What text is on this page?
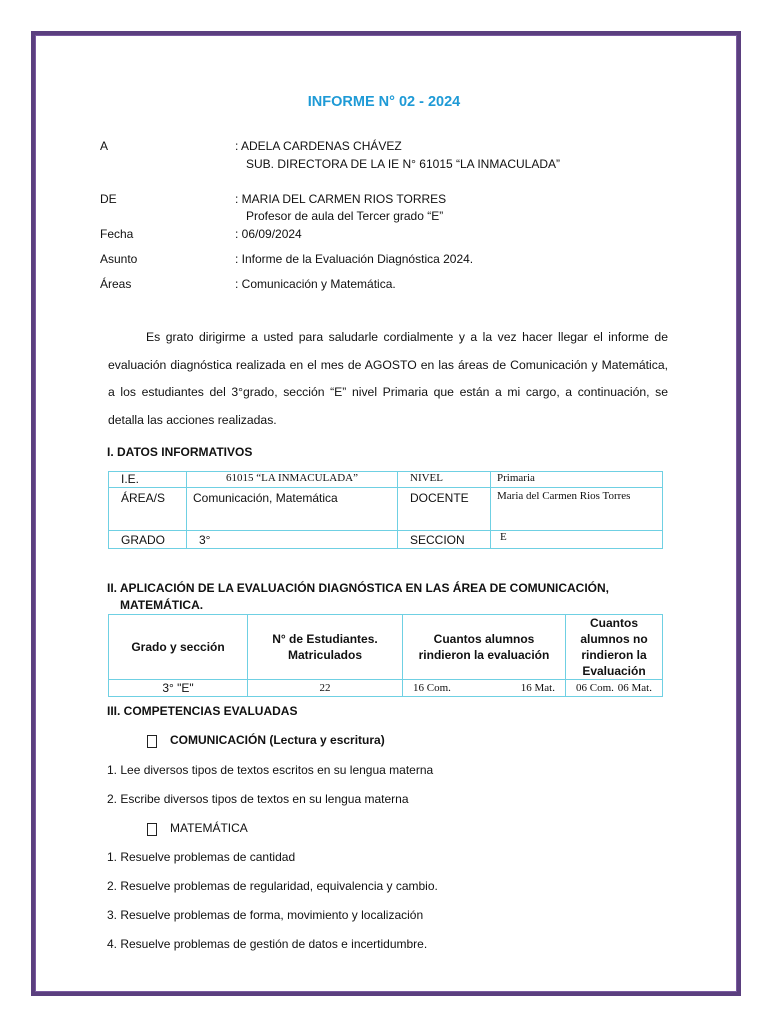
INFORME N° 02 - 2024
A	: ADELA CARDENAS CHÁVEZ
SUB. DIRECTORA DE LA IE N° 61015 “LA INMACULADA”
DE	: MARIA DEL CARMEN RIOS TORRES
Profesor de aula del Tercer grado “E”
Fecha	: 06/09/2024
Asunto	: Informe de la Evaluación Diagnóstica 2024.
Áreas	: Comunicación y Matemática.
Es grato dirigirme a usted para saludarle cordialmente y a la vez hacer llegar el informe de evaluación diagnóstica realizada en el mes de AGOSTO en las áreas de Comunicación y Matemática, a los estudiantes del 3°grado, sección “E” nivel Primaria que están a mi cargo, a continuación, se detalla las acciones realizadas.
I. DATOS INFORMATIVOS
I.E.	61015 “LA INMACULADA”	NIVEL	Primaria
ÁREA/S	Comunicación, Matemática	DOCENTE	Maria del Carmen Rios Torres
GRADO	3°	SECCION	E
II. APLICACIÓN DE LA EVALUACIÓN DIAGNÓSTICA EN LAS ÁREA DE COMUNICACIÓN,
MATEMÁTICA.
Grado y sección	N° de Estudiantes. Matriculados	Cuantos alumnos rindieron la evaluación	Cuantos alumnos no rindieron la Evaluación
3° "E"	22	16 Com. 16 Mat.	06 Com. 06 Mat.
III. COMPETENCIAS EVALUADAS
COMUNICACIÓN (Lectura y escritura)
1. Lee diversos tipos de textos escritos en su lengua materna
2. Escribe diversos tipos de textos en su lengua materna
MATEMÁTICA
1. Resuelve problemas de cantidad
2. Resuelve problemas de regularidad, equivalencia y cambio.
3. Resuelve problemas de forma, movimiento y localización
4. Resuelve problemas de gestión de datos e incertidumbre.
